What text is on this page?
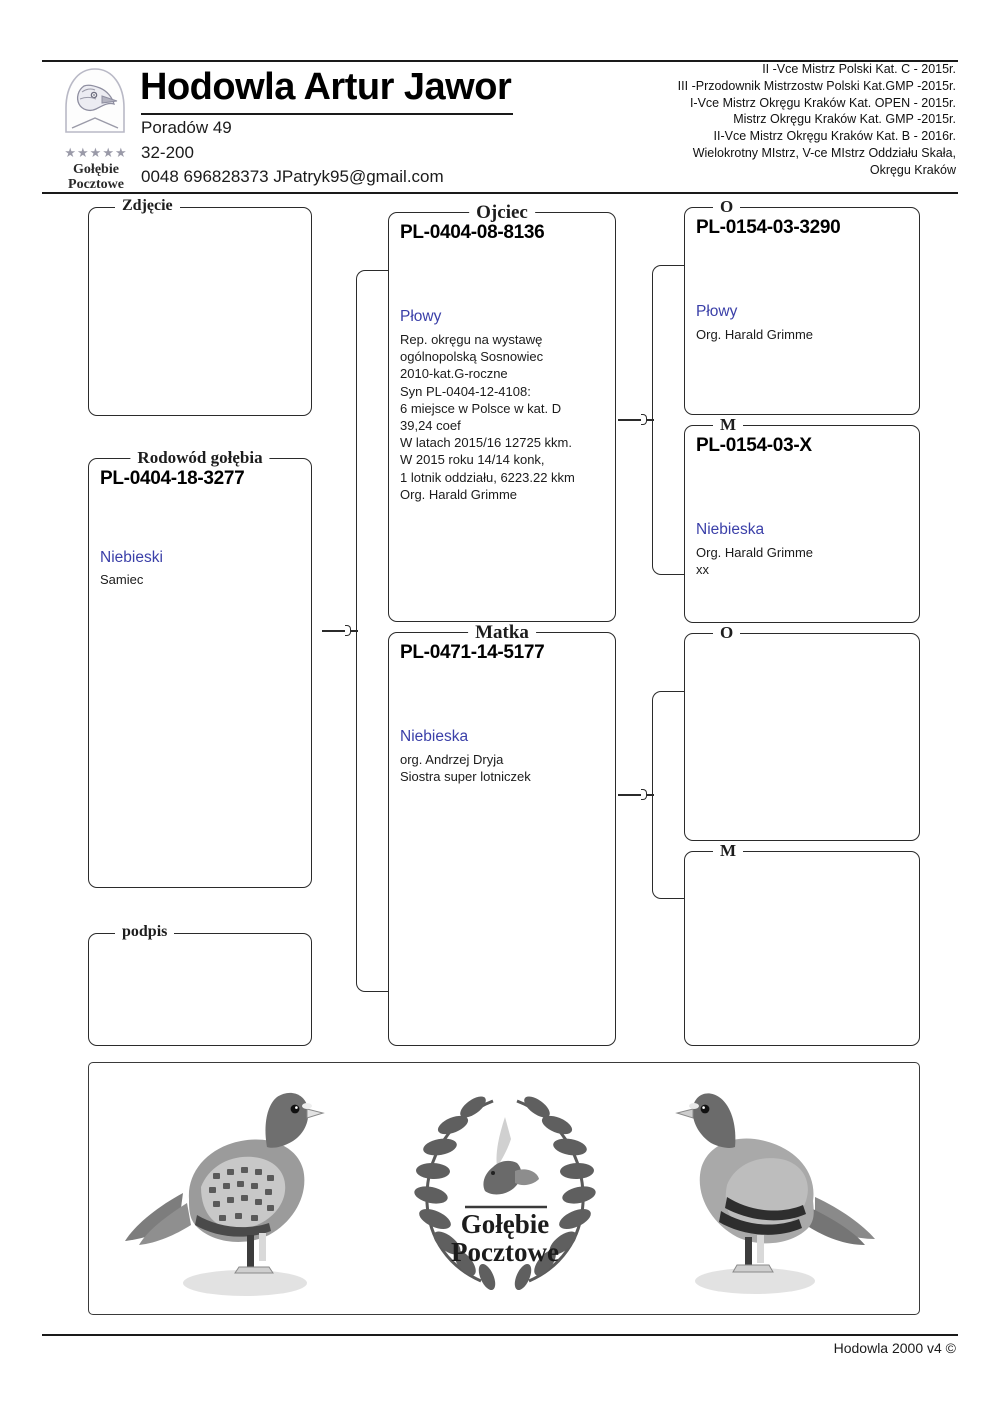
★★★★★
Gołębie
Pocztowe
Hodowla Artur Jawor
Poradów 49
32-200
0048 696828373 JPatryk95@gmail.com
II -Vce Mistrz Polski Kat. C - 2015r.
III -Przodownik Mistrzostw Polski Kat.GMP -2015r.
I-Vce Mistrz Okręgu Kraków Kat. OPEN - 2015r.
Mistrz Okręgu Kraków Kat. GMP -2015r.
II-Vce Mistrz Okręgu Kraków Kat. B - 2016r.
Wielokrotny MIstrz, V-ce MIstrz Oddziału Skała,
Okręgu Kraków
Zdjęcie
Rodowód gołębia
PL-0404-18-3277
Niebieski
Samiec
podpis
Ojciec
PL-0404-08-8136
Płowy
Rep. okręgu na wystawę
ogólnopolską Sosnowiec
2010-kat.G-roczne
Syn PL-0404-12-4108:
6 miejsce w Polsce w kat. D
39,24 coef
W latach 2015/16 12725 kkm.
W 2015 roku 14/14 konk,
1 lotnik oddziału, 6223.22 kkm
Org. Harald Grimme
Matka
PL-0471-14-5177
Niebieska
org. Andrzej Dryja
Siostra super lotniczek
O
PL-0154-03-3290
Płowy
Org. Harald Grimme
M
PL-0154-03-X
Niebieska
Org. Harald Grimme
xx
O
M
Gołębie
Pocztowe
Hodowla 2000 v4 ©
